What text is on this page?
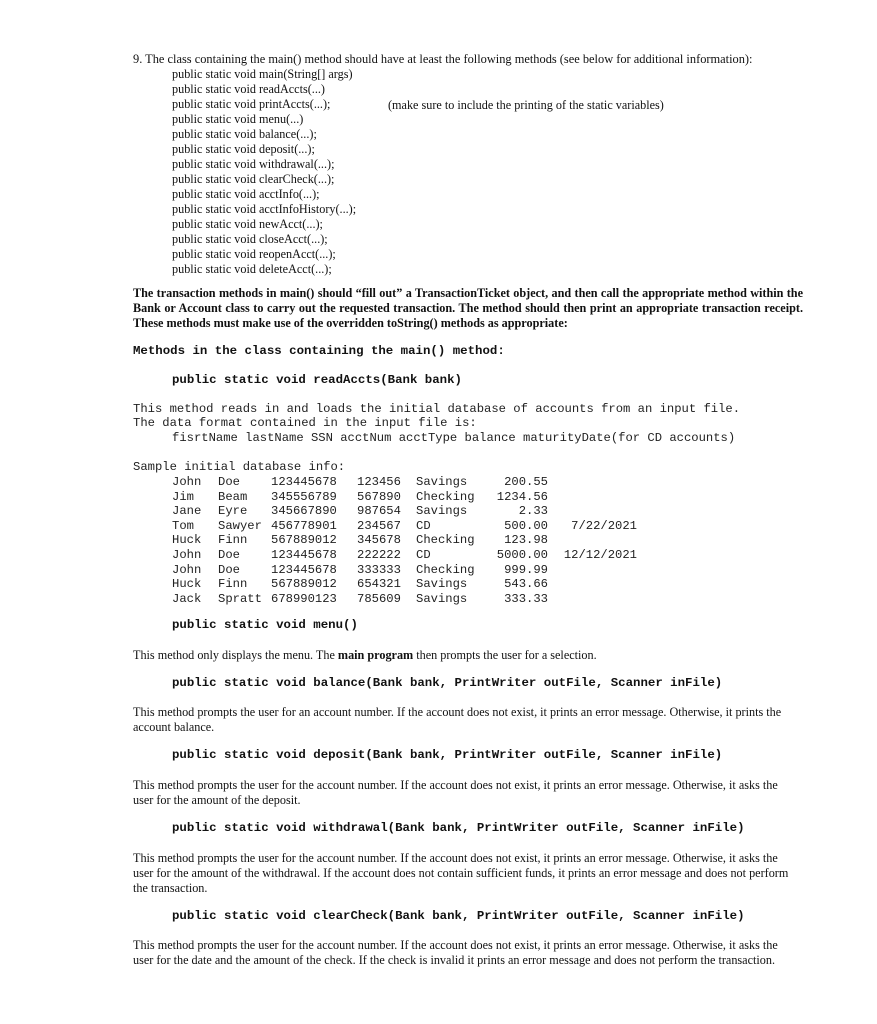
9. The class containing the main() method should have at least the following methods (see below for additional information):
public static void main(String[] args)
public static void readAccts(...)
public static void printAccts(...);
public static void menu(...)
public static void balance(...);
public static void deposit(...);
public static void withdrawal(...);
public static void clearCheck(...);
public static void acctInfo(...);
public static void acctInfoHistory(...);
public static void newAcct(...);
public static void closeAcct(...);
public static void reopenAcct(...);
public static void deleteAcct(...);
(make sure to include the printing of the static variables)
The transaction methods in main() should “fill out” a TransactionTicket object, and then call the appropriate method within the Bank or Account class to carry out the requested transaction. The method should then print an appropriate transaction receipt. These methods must make use of the overridden toString() methods as appropriate:
Methods in the class containing the main() method:
public static void readAccts(Bank bank)
This method reads in and loads the initial database of accounts from an input file.
The data format contained in the input file is:
fisrtName lastName SSN acctNum acctType balance maturityDate(for CD accounts)
Sample initial database info:
John Doe	123445678 123456 Savings	200.55
Jim Beam 345556789 567890 Checking 1234.56
Jane Eyre 345667890 987654 Savings	2.33
Tom Sawyer 456778901 234567 CD	500.00 7/22/2021
Huck Finn 567889012 345678 Checking 123.98
John Doe	123445678 222222 CD	5000.00 12/12/2021
John Doe	123445678 333333 Checking 999.99
Huck Finn 567889012 654321 Savings	543.66
Jack Spratt 678990123 785609 Savings	333.33
public static void menu()
This method only displays the menu. The main program then prompts the user for a selection.
public static void balance(Bank bank, PrintWriter outFile, Scanner inFile)
This method prompts the user for an account number. If the account does not exist, it prints an error message. Otherwise, it prints the account balance.
public static void deposit(Bank bank, PrintWriter outFile, Scanner inFile)
This method prompts the user for the account number. If the account does not exist, it prints an error message. Otherwise, it asks the user for the amount of the deposit.
public static void withdrawal(Bank bank, PrintWriter outFile, Scanner inFile)
This method prompts the user for the account number. If the account does not exist, it prints an error message. Otherwise, it asks the user for the amount of the withdrawal. If the account does not contain sufficient funds, it prints an error message and does not perform the transaction.
public static void clearCheck(Bank bank, PrintWriter outFile, Scanner inFile)
This method prompts the user for the account number. If the account does not exist, it prints an error message. Otherwise, it asks the user for the date and the amount of the check. If the check is invalid it prints an error message and does not perform the transaction.
